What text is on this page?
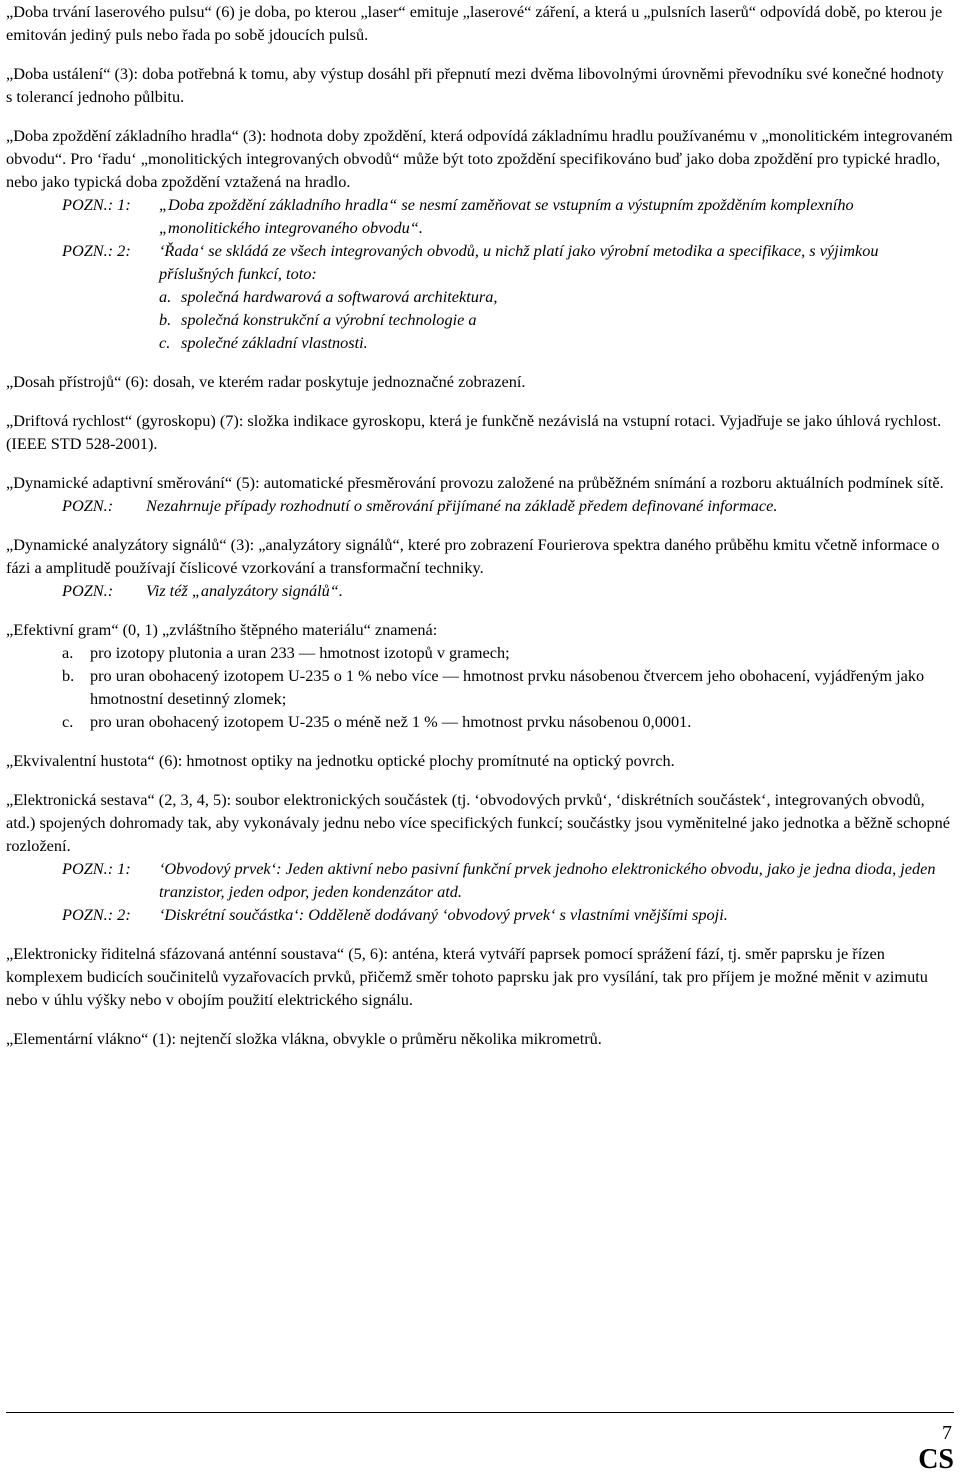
„Doba trvání laserového pulsu“ (6) je doba, po kterou „laser“ emituje „laserové“ záření, a která u „pulsních laserů“ odpovídá době, po kterou je emitován jediný puls nebo řada po sobě jdoucích pulsů.

„Doba ustálení“ (3): doba potřebná k tomu, aby výstup dosáhl při přepnutí mezi dvěma libovolnými úrovněmi převodníku své konečné hodnoty s tolerancí jednoho půlbitu.

„Doba zpoždění základního hradla“ (3): hodnota doby zpoždění, která odpovídá základnímu hradlu používanému v „monolitickém integrovaném obvodu“. Pro ‘řadu‘ „monolitických integrovaných obvodů“ může být toto zpoždění specifikováno buď jako doba zpoždění pro typické hradlo, nebo jako typická doba zpoždění vztažená na hradlo.

POZN.: 1:	„Doba zpoždění základního hradla“ se nesmí zaměňovat se vstupním a výstupním zpožděním komplexního „monolitického integrovaného obvodu“.
POZN.: 2:	‘Řada‘ se skládá ze všech integrovaných obvodů, u nichž platí jako výrobní metodika a specifikace, s výjimkou příslušných funkcí, toto:
a. společná hardwarová a softwarová architektura,
b. společná konstrukční a výrobní technologie a
c. společné základní vlastnosti.

„Dosah přístrojů“ (6): dosah, ve kterém radar poskytuje jednoznačné zobrazení.

„Driftová rychlost“ (gyroskopu) (7): složka indikace gyroskopu, která je funkčně nezávislá na vstupní rotaci. Vyjadřuje se jako úhlová rychlost. (IEEE STD 528-2001).

„Dynamické adaptivní směrování“ (5): automatické přesměrování provozu založené na průběžném snímání a rozboru aktuálních podmínek sítě.

POZN.:	Nezahrnuje případy rozhodnutí o směrování přijímané na základě předem definované informace.

„Dynamické analyzátory signálů“ (3): „analyzátory signálů“, které pro zobrazení Fourierova spektra daného průběhu kmitu včetně informace o fázi a amplitudě používají číslicové vzorkování a transformační techniky.

POZN.:	Viz též „analyzátory signálů“.

„Efektivní gram“ (0, 1) „zvláštního štěpného materiálu“ znamená:

a.	pro izotopy plutonia a uran 233 — hmotnost izotopů v gramech;
b. pro uran obohacený izotopem U-235 o 1 % nebo více — hmotnost prvku násobenou čtvercem jeho obohacení, vyjádřeným jako hmotnostní desetinný zlomek;
c.	pro uran obohacený izotopem U-235 o méně než 1 % — hmotnost prvku násobenou 0,0001.

„Ekvivalentní hustota“ (6): hmotnost optiky na jednotku optické plochy promítnuté na optický povrch.

„Elektronická sestava“ (2, 3, 4, 5): soubor elektronických součástek (tj. ‘obvodových prvků‘, ‘diskrétních součástek‘, integrovaných obvodů, atd.) spojených dohromady tak, aby vykonávaly jednu nebo více specifických funkcí; součástky jsou vyměnitelné jako jednotka a běžně schopné rozložení.

POZN.: 1:	‘Obvodový prvek‘: Jeden aktivní nebo pasivní funkční prvek jednoho elektronického obvodu, jako je jedna dioda, jeden tranzistor, jeden odpor, jeden kondenzátor atd.
POZN.: 2:	‘Diskrétní součástka‘: Odděleně dodávaný ‘obvodový prvek‘ s vlastními vnějšími spoji.

„Elektronicky řiditelná sfázovaná anténní soustava“ (5, 6): anténa, která vytváří paprsek pomocí sprážení fází, tj. směr paprsku je řízen komplexem budicích součinitelů vyzařovacích prvků, přičemž směr tohoto paprsku jak pro vysílání, tak pro příjem je možné měnit v azimutu nebo v úhlu výšky nebo v obojím použití elektrického signálu.

„Elementární vlákno“ (1): nejtenčí složka vlákna, obvykle o průměru několika mikrometrů.

7
CS
